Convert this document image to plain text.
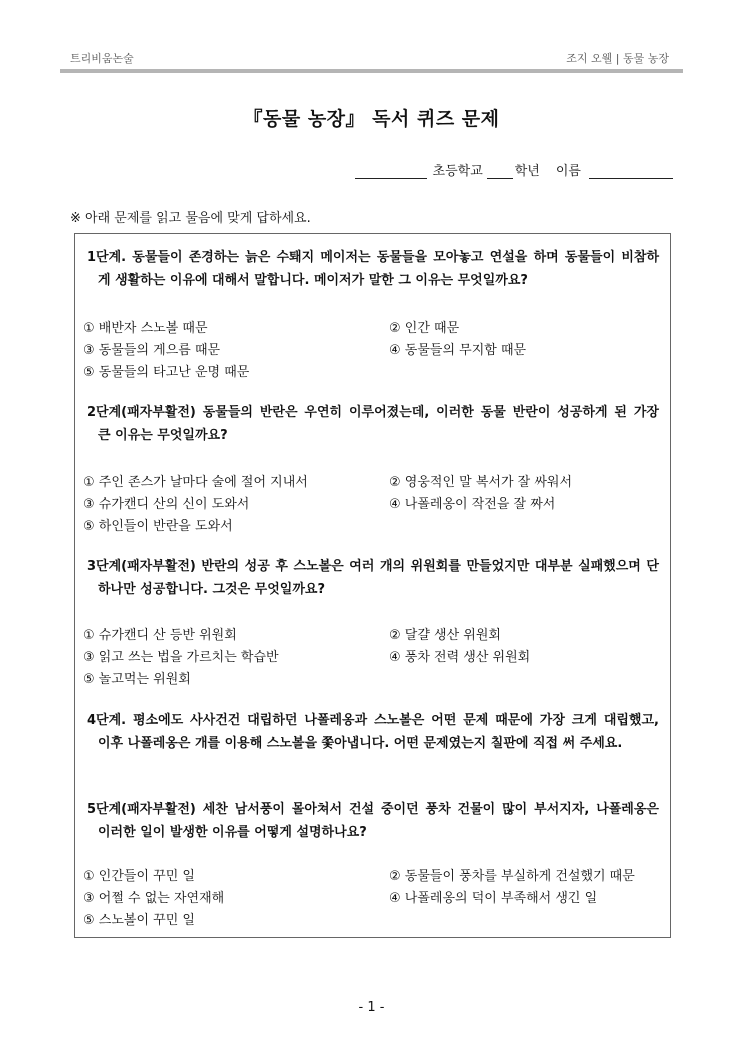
트리비움논술	조지 오웰 | 동물 농장
『동물 농장』 독서 퀴즈 문제
초등학교 학년 이름
※ 아래 문제를 읽고 물음에 맞게 답하세요.
1단계. 동물들이 존경하는 늙은 수퇘지 메이저는 동물들을 모아놓고 연설을 하며 동물들이 비참하
게 생활하는 이유에 대해서 말합니다. 메이저가 말한 그 이유는 무엇일까요?
① 배반자 스노볼 때문	② 인간 때문
③ 동물들의 게으름 때문	④ 동물들의 무지함 때문
⑤ 동물들의 타고난 운명 때문
2단계(패자부활전) 동물들의 반란은 우연히 이루어졌는데, 이러한 동물 반란이 성공하게 된 가장
큰 이유는 무엇일까요?
① 주인 존스가 날마다 술에 절어 지내서	② 영웅적인 말 복서가 잘 싸워서
③ 슈가캔디 산의 신이 도와서	④ 나폴레옹이 작전을 잘 짜서
⑤ 하인들이 반란을 도와서
3단계(패자부활전) 반란의 성공 후 스노볼은 여러 개의 위원회를 만들었지만 대부분 실패했으며 단
하나만 성공합니다. 그것은 무엇일까요?
① 슈가캔디 산 등반 위원회	② 달걀 생산 위원회
③ 읽고 쓰는 법을 가르치는 학습반	④ 풍차 전력 생산 위원회
⑤ 놀고먹는 위원회
4단계. 평소에도 사사건건 대립하던 나폴레옹과 스노볼은 어떤 문제 때문에 가장 크게 대립했고,
이후 나폴레옹은 개를 이용해 스노볼을 쫓아냅니다. 어떤 문제였는지 칠판에 직접 써 주세요.
5단계(패자부활전) 세찬 남서풍이 몰아쳐서 건설 중이던 풍차 건물이 많이 부서지자, 나폴레옹은
이러한 일이 발생한 이유를 어떻게 설명하나요?
① 인간들이 꾸민 일	② 동물들이 풍차를 부실하게 건설했기 때문
③ 어쩔 수 없는 자연재해	④ 나폴레옹의 덕이 부족해서 생긴 일
⑤ 스노볼이 꾸민 일
- 1 -
